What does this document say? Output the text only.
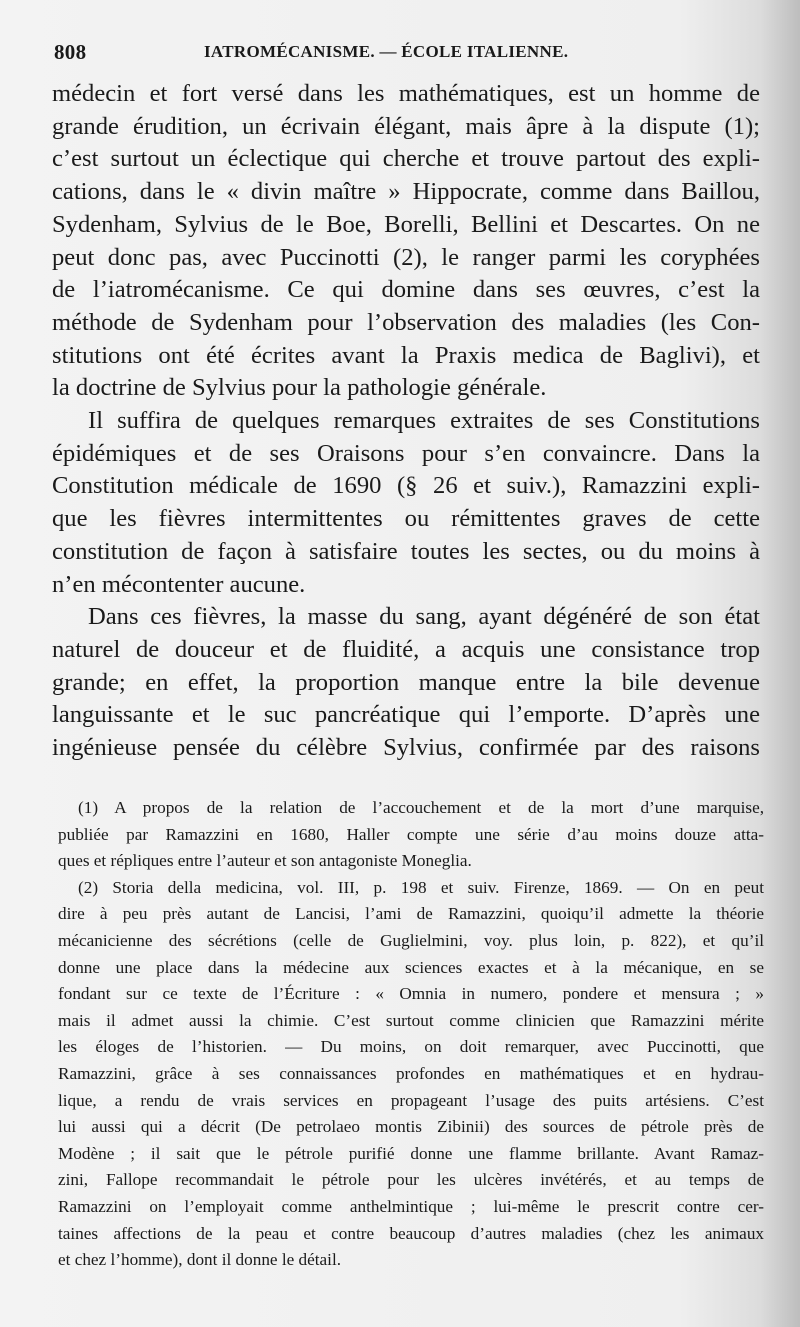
808	IATROMÉCANISME. — ÉCOLE ITALIENNE.
médecin et fort versé dans les mathématiques, est un homme de
grande érudition, un écrivain élégant, mais âpre à la dispute (1);
c’est surtout un éclectique qui cherche et trouve partout des expli-
cations, dans le « divin maître » Hippocrate, comme dans Baillou,
Sydenham, Sylvius de le Boe, Borelli, Bellini et Descartes. On ne
peut donc pas, avec Puccinotti (2), le ranger parmi les coryphées
de l’iatromécanisme. Ce qui domine dans ses œuvres, c’est la
méthode de Sydenham pour l’observation des maladies (les Con-
stitutions ont été écrites avant la Praxis medica de Baglivi), et
la doctrine de Sylvius pour la pathologie générale.
Il suffira de quelques remarques extraites de ses Constitutions
épidémiques et de ses Oraisons pour s’en convaincre. Dans la
Constitution médicale de 1690 (§ 26 et suiv.), Ramazzini expli-
que les fièvres intermittentes ou rémittentes graves de cette
constitution de façon à satisfaire toutes les sectes, ou du moins à
n’en mécontenter aucune.
Dans ces fièvres, la masse du sang, ayant dégénéré de son état
naturel de douceur et de fluidité, a acquis une consistance trop
grande; en effet, la proportion manque entre la bile devenue
languissante et le suc pancréatique qui l’emporte. D’après une
ingénieuse pensée du célèbre Sylvius, confirmée par des raisons
(1) A propos de la relation de l’accouchement et de la mort d’une marquise,
publiée par Ramazzini en 1680, Haller compte une série d’au moins douze atta-
ques et répliques entre l’auteur et son antagoniste Moneglia.
(2) Storia della medicina, vol. III, p. 198 et suiv. Firenze, 1869. — On en peut
dire à peu près autant de Lancisi, l’ami de Ramazzini, quoiqu’il admette la théorie
mécanicienne des sécrétions (celle de Guglielmini, voy. plus loin, p. 822), et qu’il
donne une place dans la médecine aux sciences exactes et à la mécanique, en se
fondant sur ce texte de l’Écriture : « Omnia in numero, pondere et mensura ; »
mais il admet aussi la chimie. C’est surtout comme clinicien que Ramazzini mérite
les éloges de l’historien. — Du moins, on doit remarquer, avec Puccinotti, que
Ramazzini, grâce à ses connaissances profondes en mathématiques et en hydrau-
lique, a rendu de vrais services en propageant l’usage des puits artésiens. C’est
lui aussi qui a décrit (De petrolaeo montis Zibinii) des sources de pétrole près de
Modène ; il sait que le pétrole purifié donne une flamme brillante. Avant Ramaz-
zini, Fallope recommandait le pétrole pour les ulcères invétérés, et au temps de
Ramazzini on l’employait comme anthelmintique ; lui-même le prescrit contre cer-
taines affections de la peau et contre beaucoup d’autres maladies (chez les animaux
et chez l’homme), dont il donne le détail.
